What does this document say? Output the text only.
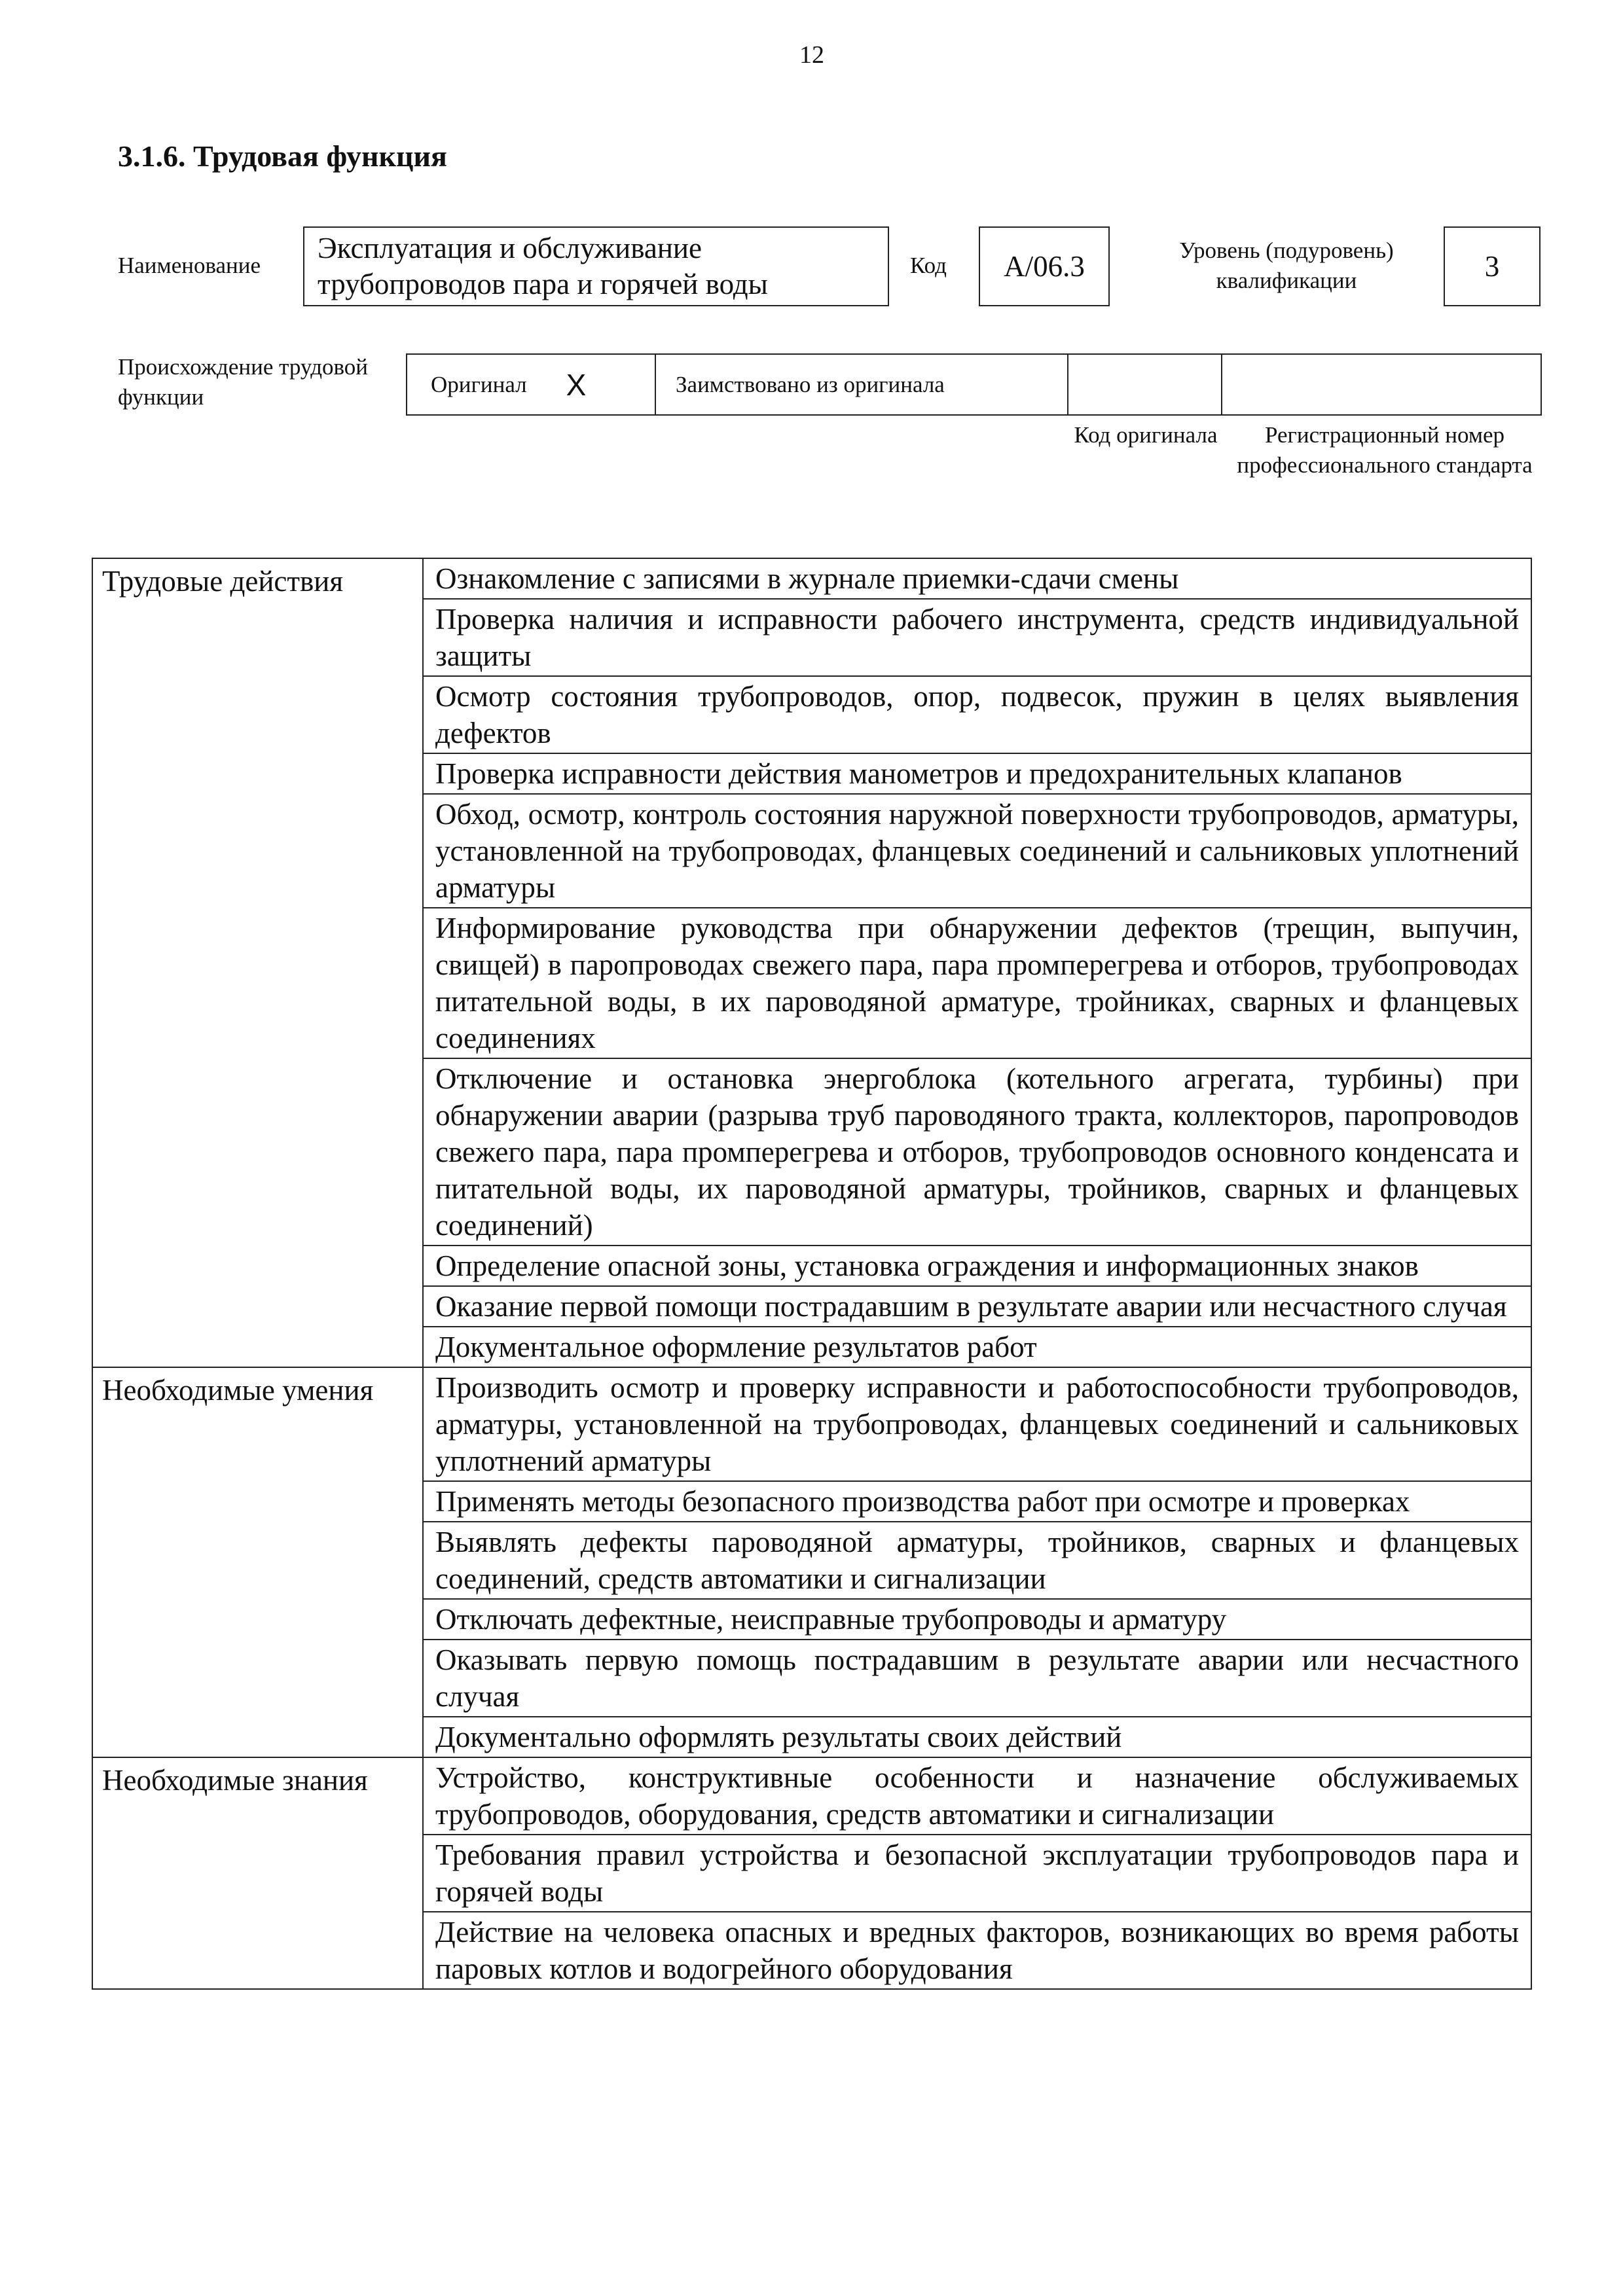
12
3.1.6. Трудовая функция
Наименование
Эксплуатация и обслуживание трубопроводов пара и горячей воды
Код	А/06.3	Уровень (подуровень) квалификации	3
Происхождение трудовой функции	Оригинал Х	Заимствовано из оригинала
Код оригинала	Регистрационный номер профессионального стандарта
Трудовые действия	Ознакомление с записями в журнале приемки-сдачи смены
	Проверка наличия и исправности рабочего инструмента, средств индивидуальной защиты
	Осмотр состояния трубопроводов, опор, подвесок, пружин в целях выявления дефектов
	Проверка исправности действия манометров и предохранительных клапанов
	Обход, осмотр, контроль состояния наружной поверхности трубопроводов, арматуры, установленной на трубопроводах, фланцевых соединений и сальниковых уплотнений арматуры
	Информирование руководства при обнаружении дефектов (трещин, выпучин, свищей) в паропроводах свежего пара, пара промперегрева и отборов, трубопроводах питательной воды, в их пароводяной арматуре, тройниках, сварных и фланцевых соединениях
	Отключение и остановка энергоблока (котельного агрегата, турбины) при обнаружении аварии (разрыва труб пароводяного тракта, коллекторов, паропроводов свежего пара, пара промперегрева и отборов, трубопроводов основного конденсата и питательной воды, их пароводяной арматуры, тройников, сварных и фланцевых соединений)
	Определение опасной зоны, установка ограждения и информационных знаков
	Оказание первой помощи пострадавшим в результате аварии или несчастного случая
	Документальное оформление результатов работ
Необходимые умения	Производить осмотр и проверку исправности и работоспособности трубопроводов, арматуры, установленной на трубопроводах, фланцевых соединений и сальниковых уплотнений арматуры
	Применять методы безопасного производства работ при осмотре и проверках
	Выявлять дефекты пароводяной арматуры, тройников, сварных и фланцевых соединений, средств автоматики и сигнализации
	Отключать дефектные, неисправные трубопроводы и арматуру
	Оказывать первую помощь пострадавшим в результате аварии или несчастного случая
	Документально оформлять результаты своих действий
Необходимые знания	Устройство, конструктивные особенности и назначение обслуживаемых трубопроводов, оборудования, средств автоматики и сигнализации
	Требования правил устройства и безопасной эксплуатации трубопроводов пара и горячей воды
	Действие на человека опасных и вредных факторов, возникающих во время работы паровых котлов и водогрейного оборудования
